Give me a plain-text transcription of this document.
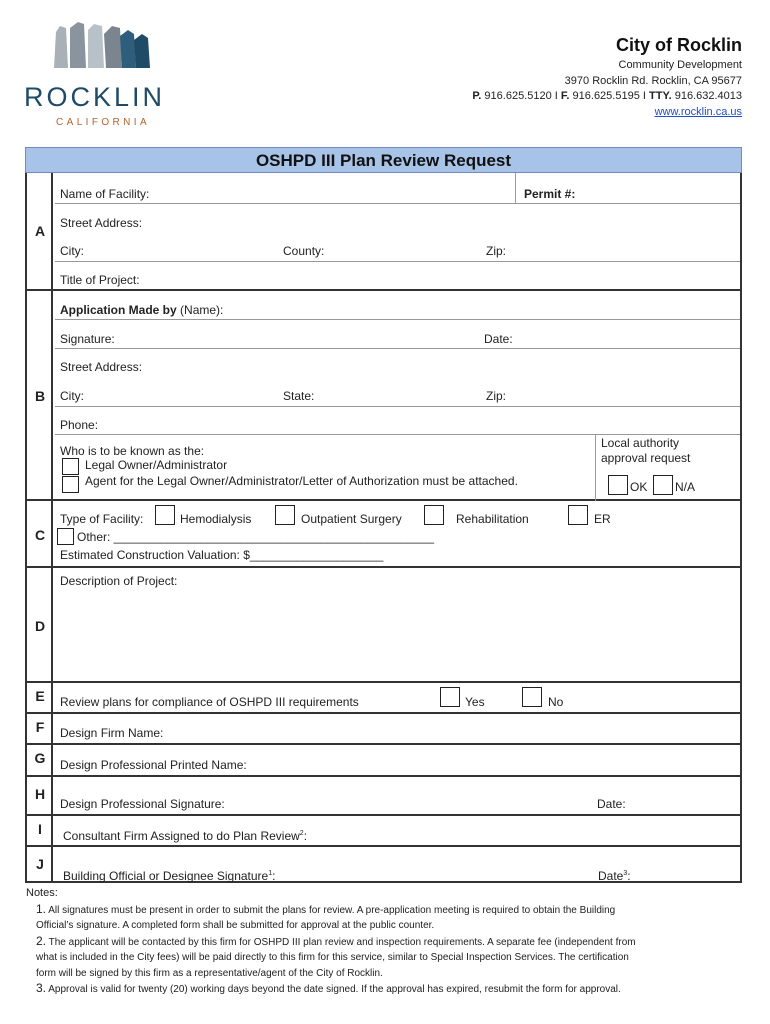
ROCKLIN
CALIFORNIA
City of Rocklin
Community Development
3970 Rocklin Rd. Rocklin, CA 95677
P. 916.625.5120 I F. 916.625.5195 I TTY. 916.632.4013
www.rocklin.ca.us
OSHPD III Plan Review Request
A
Name of Facility:	Permit #:
Street Address:
City:	County:	Zip:
Title of Project:
B
Application Made by (Name):
Signature:	Date:
Street Address:
City:	State:	Zip:
Phone:
Who is to be known as the:
Legal Owner/Administrator
Agent for the Legal Owner/Administrator/Letter of Authorization must be attached.
Local authority
approval request
OK N/A
C
Type of Facility:	Hemodialysis	Outpatient Surgery	Rehabilitation	ER
Other: ________________________________________________
Estimated Construction Valuation: $____________________
D
Description of Project:
E	Review plans for compliance of OSHPD III requirements	Yes	No
F	Design Firm Name:
G	Design Professional Printed Name:
H
Design Professional Signature:	Date:
I	Consultant Firm Assigned to do Plan Review$^2$:
J
Building Official or Designee Signature$^1$:	Date$^3$:
Notes:
1. All signatures must be present in order to submit the plans for review. A pre-application meeting is required to obtain the Building
Official’s signature. A completed form shall be submitted for approval at the public counter.
2. The applicant will be contacted by this firm for OSHPD III plan review and inspection requirements. A separate fee (independent from
what is included in the City fees) will be paid directly to this firm for this service, similar to Special Inspection Services. The certification
form will be signed by this firm as a representative/agent of the City of Rocklin.
3. Approval is valid for twenty (20) working days beyond the date signed. If the approval has expired, resubmit the form for approval.
